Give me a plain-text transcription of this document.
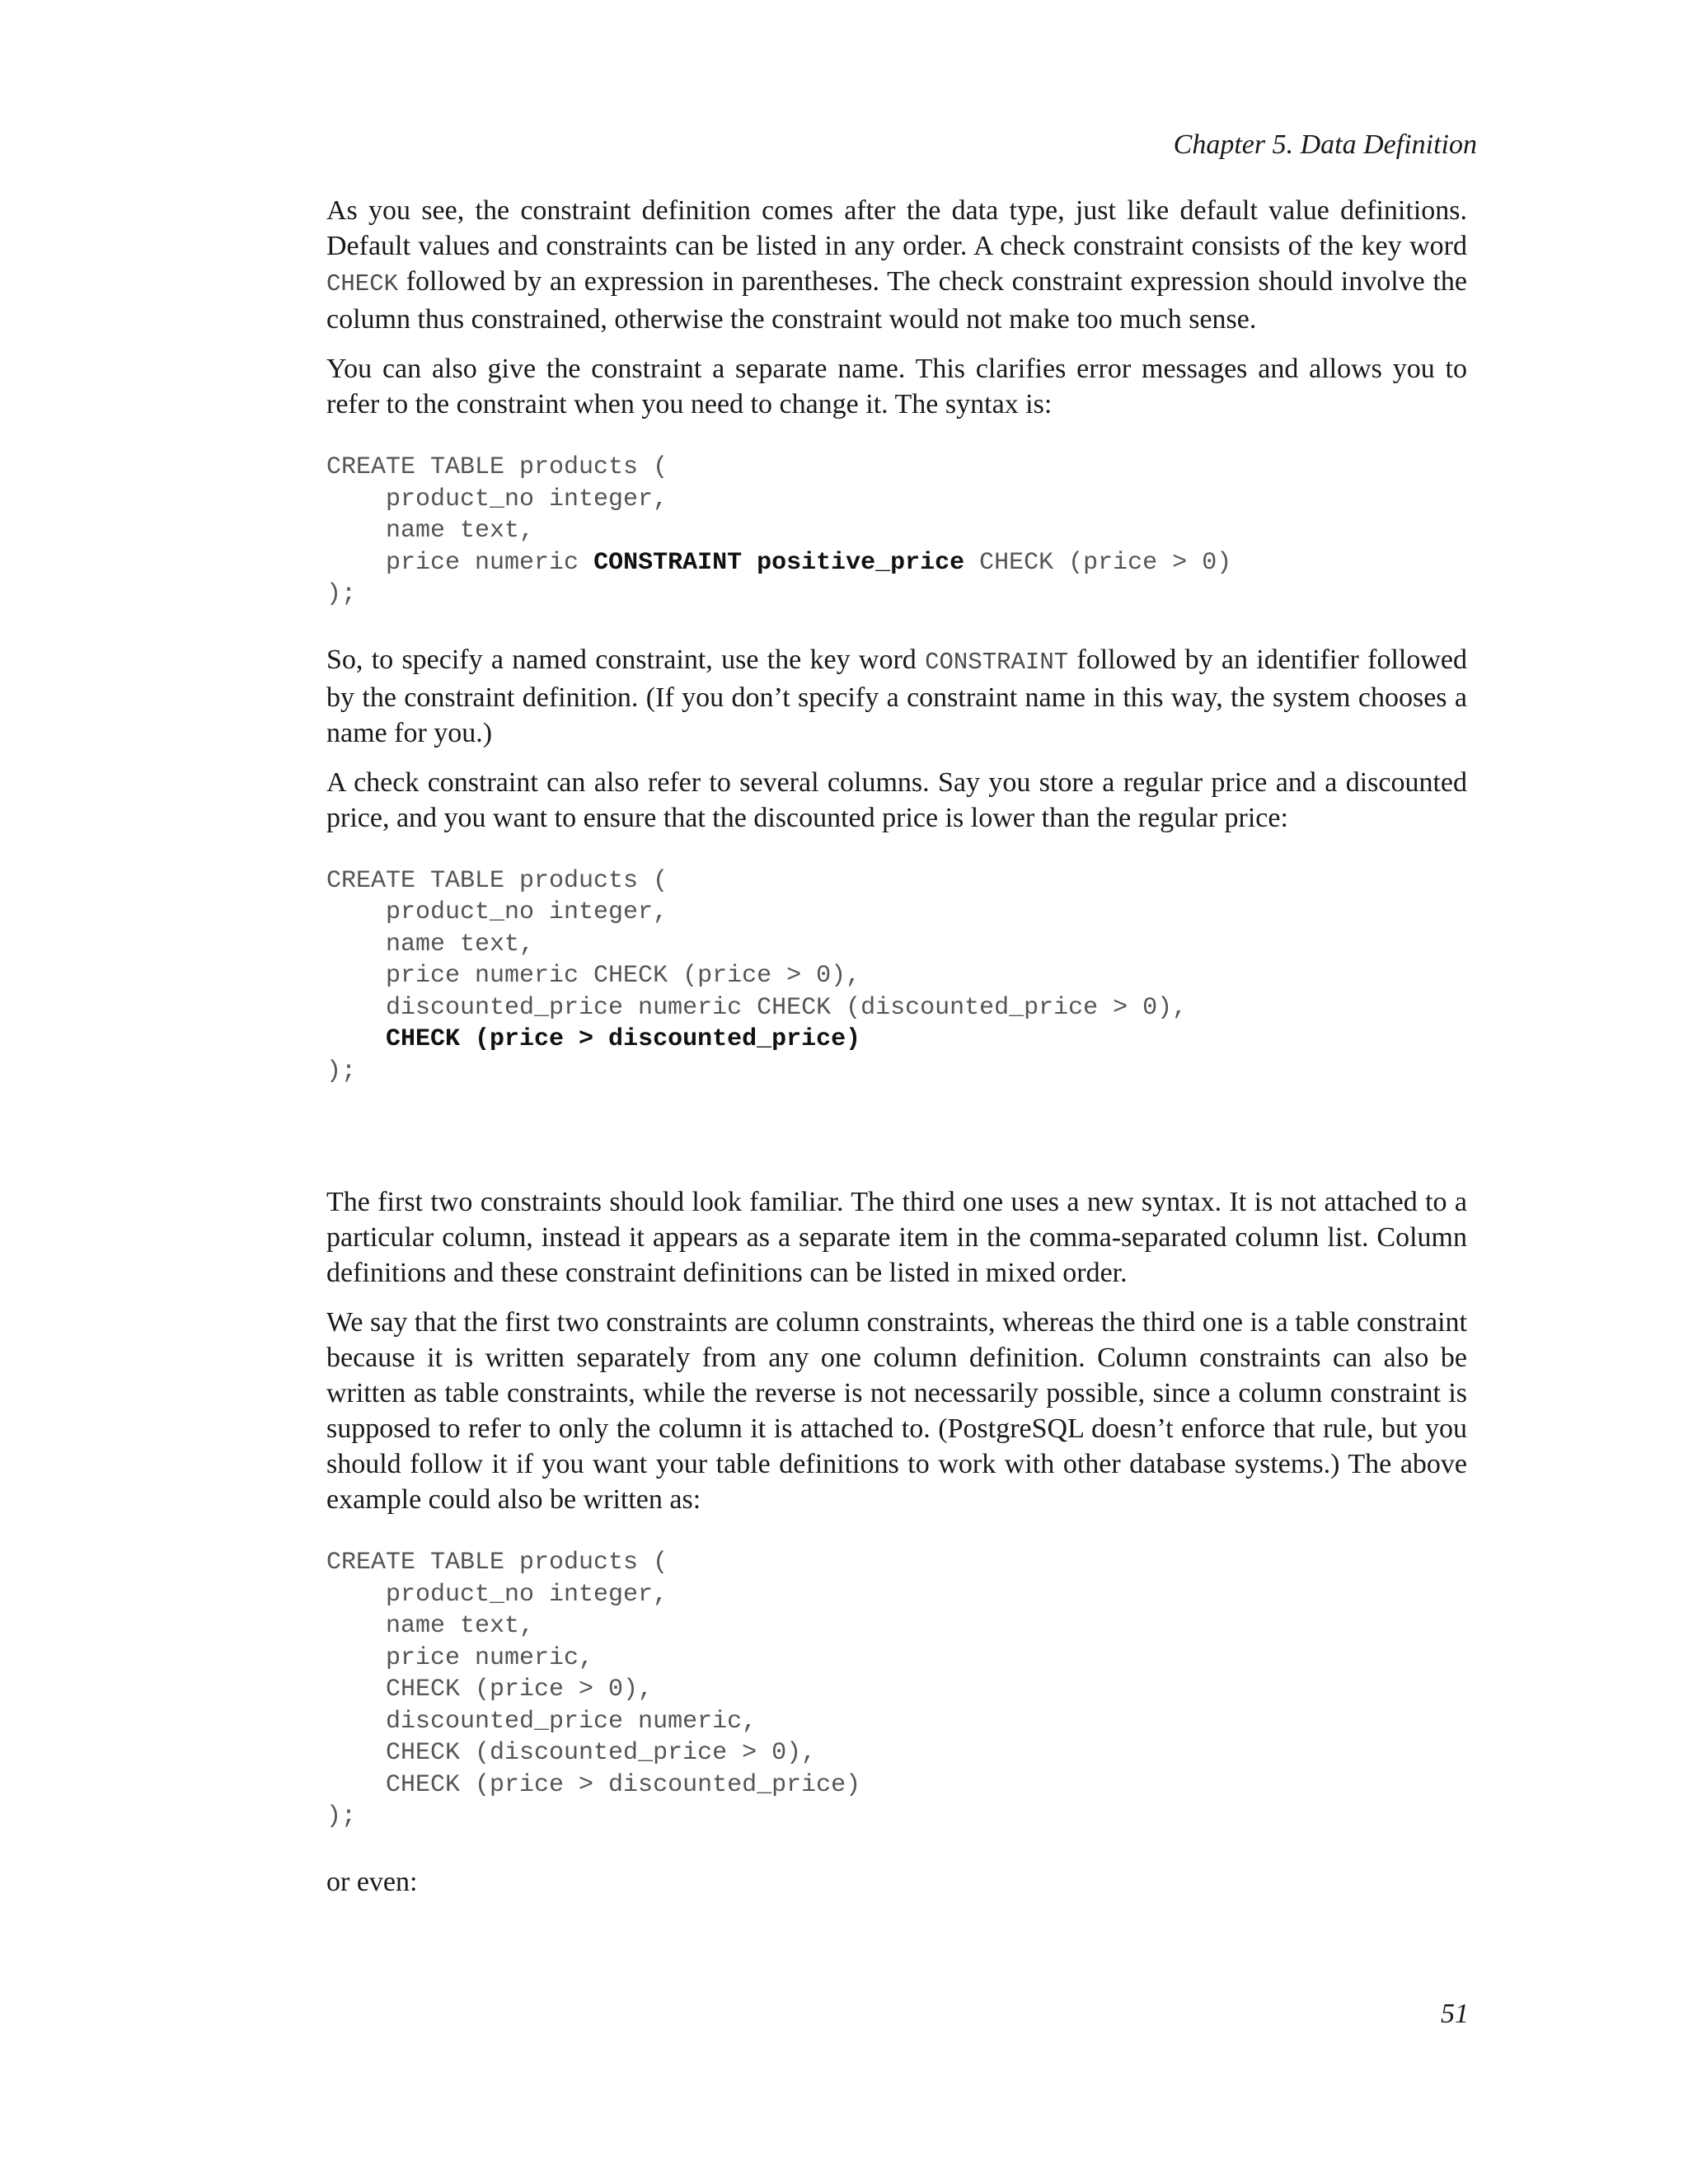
Chapter 5. Data Definition

As you see, the constraint definition comes after the data type, just like default value definitions. Default values and constraints can be listed in any order. A check constraint consists of the key word CHECK followed by an expression in parentheses. The check constraint expression should involve the column thus constrained, otherwise the constraint would not make too much sense.

You can also give the constraint a separate name. This clarifies error messages and allows you to refer to the constraint when you need to change it. The syntax is:

CREATE TABLE products (
product_no integer,
name text,
price numeric CONSTRAINT positive_price CHECK (price > 0)
);

So, to specify a named constraint, use the key word CONSTRAINT followed by an identifier followed by the constraint definition. (If you don’t specify a constraint name in this way, the system chooses a name for you.)

A check constraint can also refer to several columns. Say you store a regular price and a discounted price, and you want to ensure that the discounted price is lower than the regular price:

CREATE TABLE products (
product_no integer,
name text,
price numeric CHECK (price > 0),
discounted_price numeric CHECK (discounted_price > 0),
CHECK (price > discounted_price)
);

The first two constraints should look familiar. The third one uses a new syntax. It is not attached to a particular column, instead it appears as a separate item in the comma-separated column list. Column definitions and these constraint definitions can be listed in mixed order.

We say that the first two constraints are column constraints, whereas the third one is a table constraint because it is written separately from any one column definition. Column constraints can also be written as table constraints, while the reverse is not necessarily possible, since a column constraint is supposed to refer to only the column it is attached to. (PostgreSQL doesn’t enforce that rule, but you should follow it if you want your table definitions to work with other database systems.) The above example could also be written as:

CREATE TABLE products (
product_no integer,
name text,
price numeric,
CHECK (price > 0),
discounted_price numeric,
CHECK (discounted_price > 0),
CHECK (price > discounted_price)
);

or even:

51
